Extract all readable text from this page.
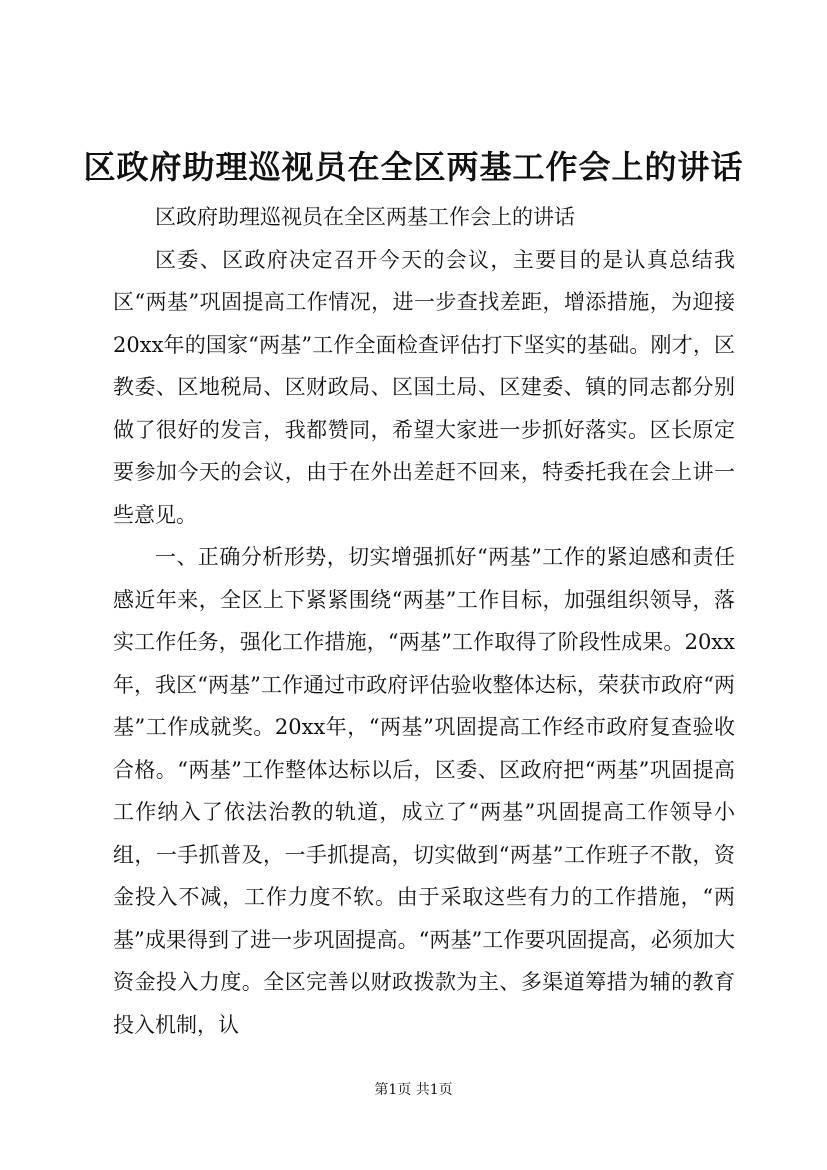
区政府助理巡视员在全区两基工作会上的讲话

区政府助理巡视员在全区两基工作会上的讲话

区委、区政府决定召开今天的会议，主要目的是认真总结我区“两基”巩固提高工作情况，进一步查找差距，增添措施，为迎接20xx年的国家“两基”工作全面检查评估打下坚实的基础。刚才，区教委、区地税局、区财政局、区国土局、区建委、镇的同志都分别做了很好的发言，我都赞同，希望大家进一步抓好落实。区长原定要参加今天的会议，由于在外出差赶不回来，特委托我在会上讲一些意见。

一、正确分析形势，切实增强抓好“两基”工作的紧迫感和责任感近年来，全区上下紧紧围绕“两基”工作目标，加强组织领导，落实工作任务，强化工作措施，“两基”工作取得了阶段性成果。20xx年，我区“两基”工作通过市政府评估验收整体达标，荣获市政府“两基”工作成就奖。20xx年，“两基”巩固提高工作经市政府复查验收合格。“两基”工作整体达标以后，区委、区政府把“两基”巩固提高工作纳入了依法治教的轨道，成立了“两基”巩固提高工作领导小组，一手抓普及，一手抓提高，切实做到“两基”工作班子不散，资金投入不减，工作力度不软。由于采取这些有力的工作措施，“两基”成果得到了进一步巩固提高。“两基”工作要巩固提高，必须加大资金投入力度。全区完善以财政拨款为主、多渠道筹措为辅的教育投入机制，认

第1页 共1页
